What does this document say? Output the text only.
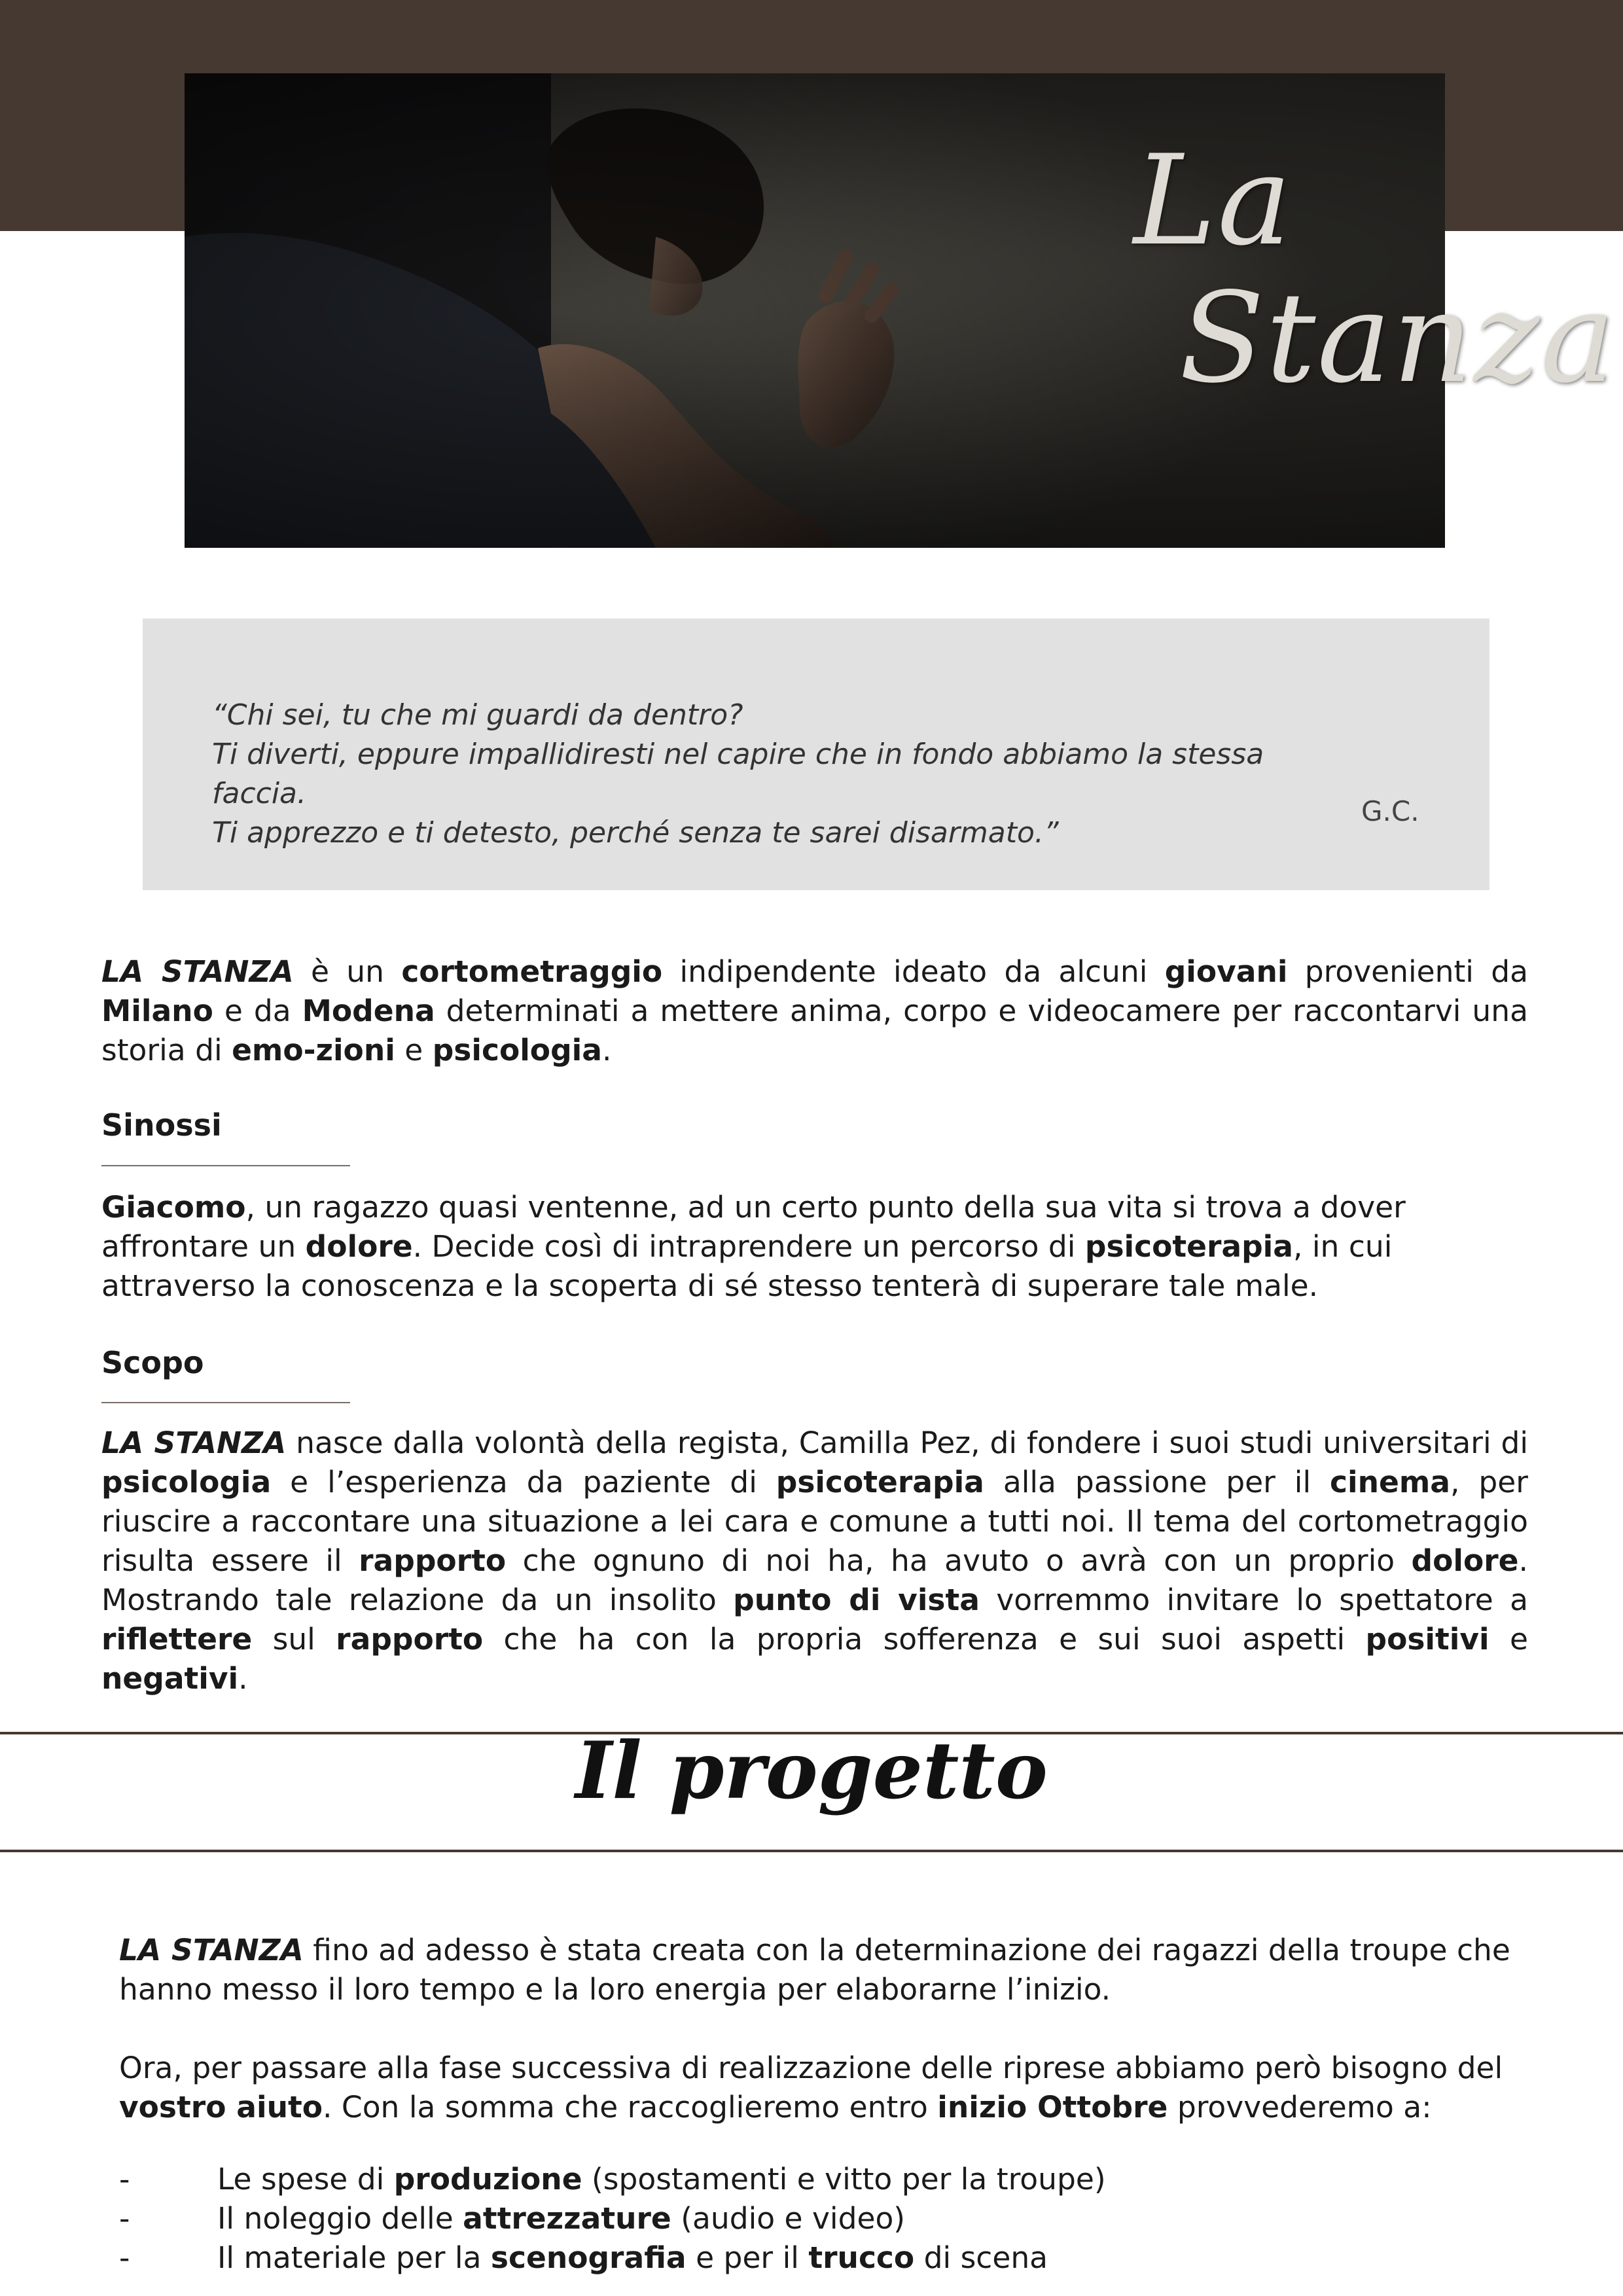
La
Stanza
“Chi sei, tu che mi guardi da dentro?
Ti diverti, eppure impallidiresti nel capire che in fondo abbiamo la stessa faccia.
Ti apprezzo e ti detesto, perché senza te sarei disarmato.”
G.C.

LA STANZA è un cortometraggio indipendente ideato da alcuni giovani provenienti da Milano e da Modena determinati a mettere anima, corpo e videocamere per raccontarvi una storia di emo-zioni e psicologia.

Sinossi

Giacomo, un ragazzo quasi ventenne, ad un certo punto della sua vita si trova a dover affrontare un dolore. Decide così di intraprendere un percorso di psicoterapia, in cui attraverso la conoscenza e la scoperta di sé stesso tenterà di superare tale male.

Scopo

LA STANZA nasce dalla volontà della regista, Camilla Pez, di fondere i suoi studi universitari di psicologia e l’esperienza da paziente di psicoterapia alla passione per il cinema, per riuscire a raccontare una situazione a lei cara e comune a tutti noi. Il tema del cortometraggio risulta essere il rapporto che ognuno di noi ha, ha avuto o avrà con un proprio dolore. Mostrando tale relazione da un insolito punto di vista vorremmo invitare lo spettatore a riflettere sul rapporto che ha con la propria sofferenza e sui suoi aspetti positivi e negativi.

Il progetto

LA STANZA fino ad adesso è stata creata con la determinazione dei ragazzi della troupe che hanno messo il loro tempo e la loro energia per elaborarne l’inizio.

Ora, per passare alla fase successiva di realizzazione delle riprese abbiamo però bisogno del vostro aiuto. Con la somma che raccoglieremo entro inizio Ottobre provvederemo a:

-	Le spese di produzione (spostamenti e vitto per la troupe)
-	Il noleggio delle attrezzature (audio e video)
-	Il materiale per la scenografia e per il trucco di scena
